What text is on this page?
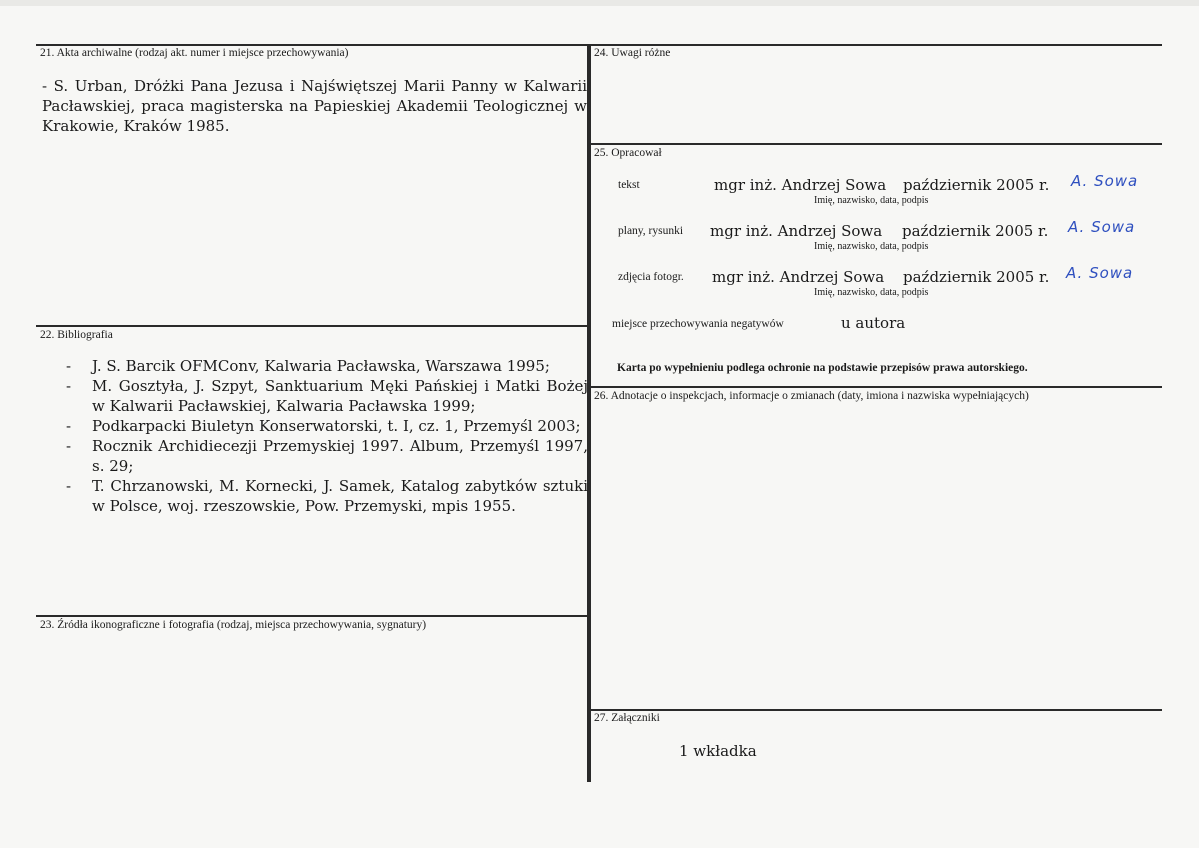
21. Akta archiwalne (rodzaj akt. numer i miejsce przechowywania)
- S. Urban, Dróżki Pana Jezusa i Najświętszej Marii Panny w Kalwarii Pacławskiej, praca magisterska na Papieskiej Akademii Teologicznej w Krakowie, Kraków 1985.
22. Bibliografia
- J. S. Barcik OFMConv, Kalwaria Pacławska, Warszawa 1995;
- M. Gosztyła, J. Szpyt, Sanktuarium Męki Pańskiej i Matki Bożej w Kalwarii Pacławskiej, Kalwaria Pacławska 1999;
- Podkarpacki Biuletyn Konserwatorski, t. I, cz. 1, Przemyśl 2003;
- Rocznik Archidiecezji Przemyskiej 1997. Album, Przemyśl 1997, s. 29;
- T. Chrzanowski, M. Kornecki, J. Samek, Katalog zabytków sztuki w Polsce, woj. rzeszowskie, Pow. Przemyski, mpis 1955.
23. Źródła ikonograficzne i fotografia (rodzaj, miejsca przechowywania, sygnatury)
24. Uwagi różne
25. Opracował
tekst	mgr inż. Andrzej Sowa październik 2005 r.
Imię, nazwisko, data, podpis
A. Sowa
plany, rysunki mgr inż. Andrzej Sowa październik 2005 r.
Imię, nazwisko, data, podpis
A. Sowa
zdjęcia fotogr. mgr inż. Andrzej Sowa październik 2005 r.
Imię, nazwisko, data, podpis
A. Sowa
miejsce przechowywania negatywów	u autora
Karta po wypełnieniu podlega ochronie na podstawie przepisów prawa autorskiego.
26. Adnotacje o inspekcjach, informacje o zmianach (daty, imiona i nazwiska wypełniających)
27. Załączniki
1 wkładka
